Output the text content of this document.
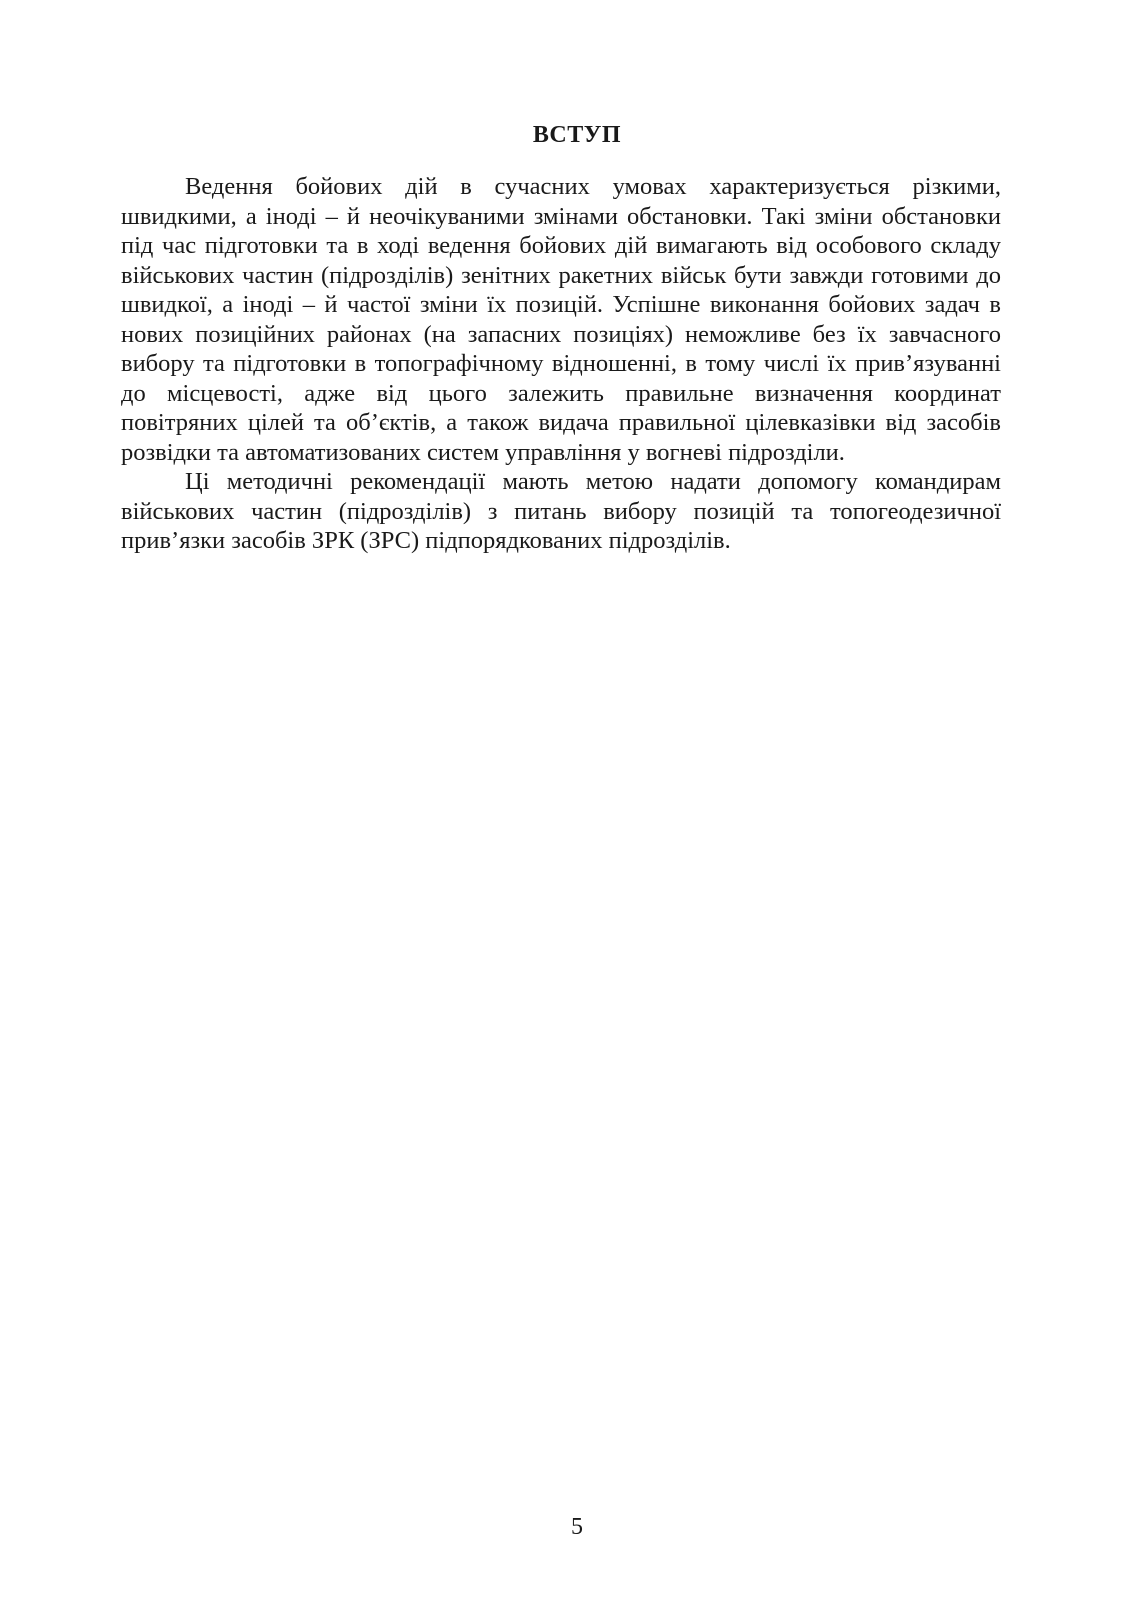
ВСТУП

Ведення бойових дій в сучасних умовах характеризується різкими, швидкими, а іноді – й неочікуваними змінами обстановки. Такі зміни обстановки під час підготовки та в ході ведення бойових дій вимагають від особового складу військових частин (підрозділів) зенітних ракетних військ бути завжди готовими до швидкої, а іноді – й частої зміни їх позицій. Успішне виконання бойових задач в нових позиційних районах (на запасних позиціях) неможливе без їх завчасного вибору та підготовки в топографічному відношенні, в тому числі їх прив’язуванні до місцевості, адже від цього залежить правильне визначення координат повітряних цілей та об’єктів, а також видача правильної цілевказівки від засобів розвідки та автоматизованих систем управління у вогневі підрозділи.

Ці методичні рекомендації мають метою надати допомогу командирам військових частин (підрозділів) з питань вибору позицій та топогеодезичної прив’язки засобів ЗРК (ЗРС) підпорядкованих підрозділів.

5
